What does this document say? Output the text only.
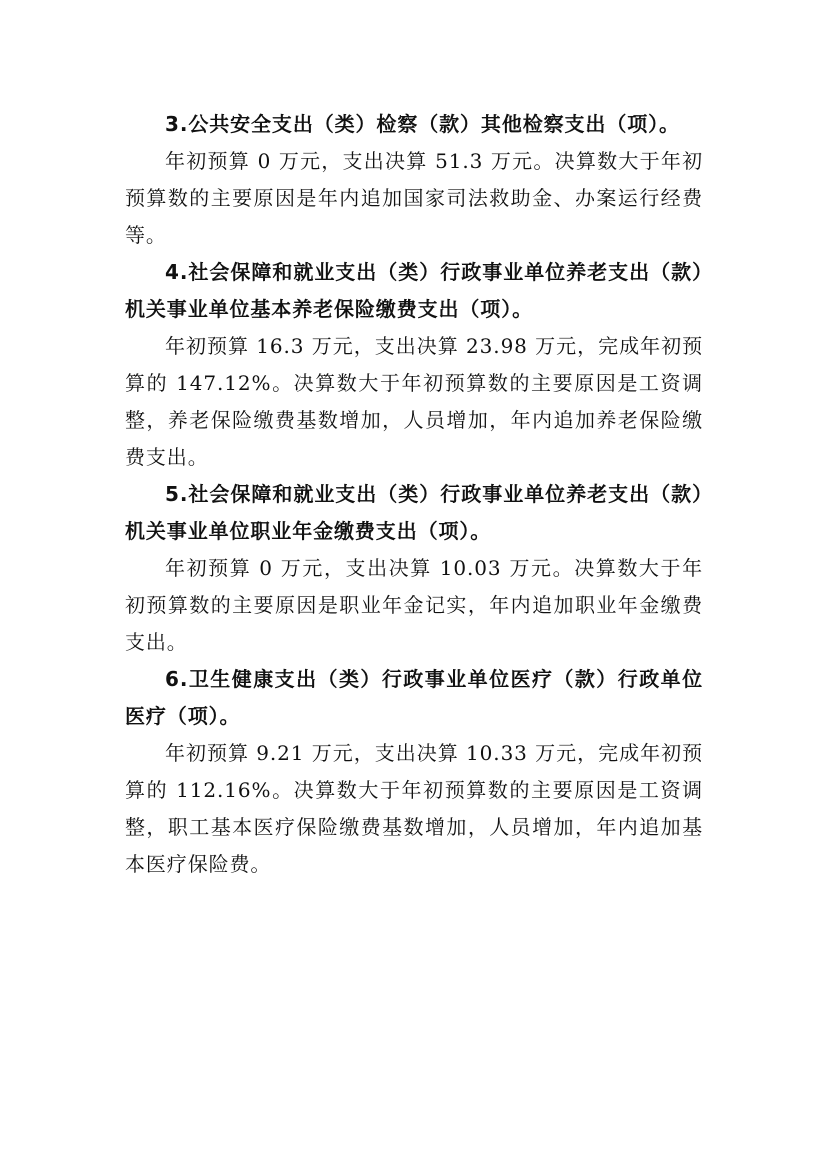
3.公共安全支出（类）检察（款）其他检察支出（项）。

年初预算 0 万元，支出决算 51.3 万元。决算数大于年初预算数的主要原因是年内追加国家司法救助金、办案运行经费等。

4.社会保障和就业支出（类）行政事业单位养老支出（款）机关事业单位基本养老保险缴费支出（项）。

年初预算 16.3 万元，支出决算 23.98 万元，完成年初预算的 147.12%。决算数大于年初预算数的主要原因是工资调整，养老保险缴费基数增加，人员增加，年内追加养老保险缴费支出。

5.社会保障和就业支出（类）行政事业单位养老支出（款）机关事业单位职业年金缴费支出（项）。

年初预算 0 万元，支出决算 10.03 万元。决算数大于年初预算数的主要原因是职业年金记实，年内追加职业年金缴费支出。

6.卫生健康支出（类）行政事业单位医疗（款）行政单位医疗（项）。

年初预算 9.21 万元，支出决算 10.33 万元，完成年初预算的 112.16%。决算数大于年初预算数的主要原因是工资调整，职工基本医疗保险缴费基数增加，人员增加，年内追加基本医疗保险费。
